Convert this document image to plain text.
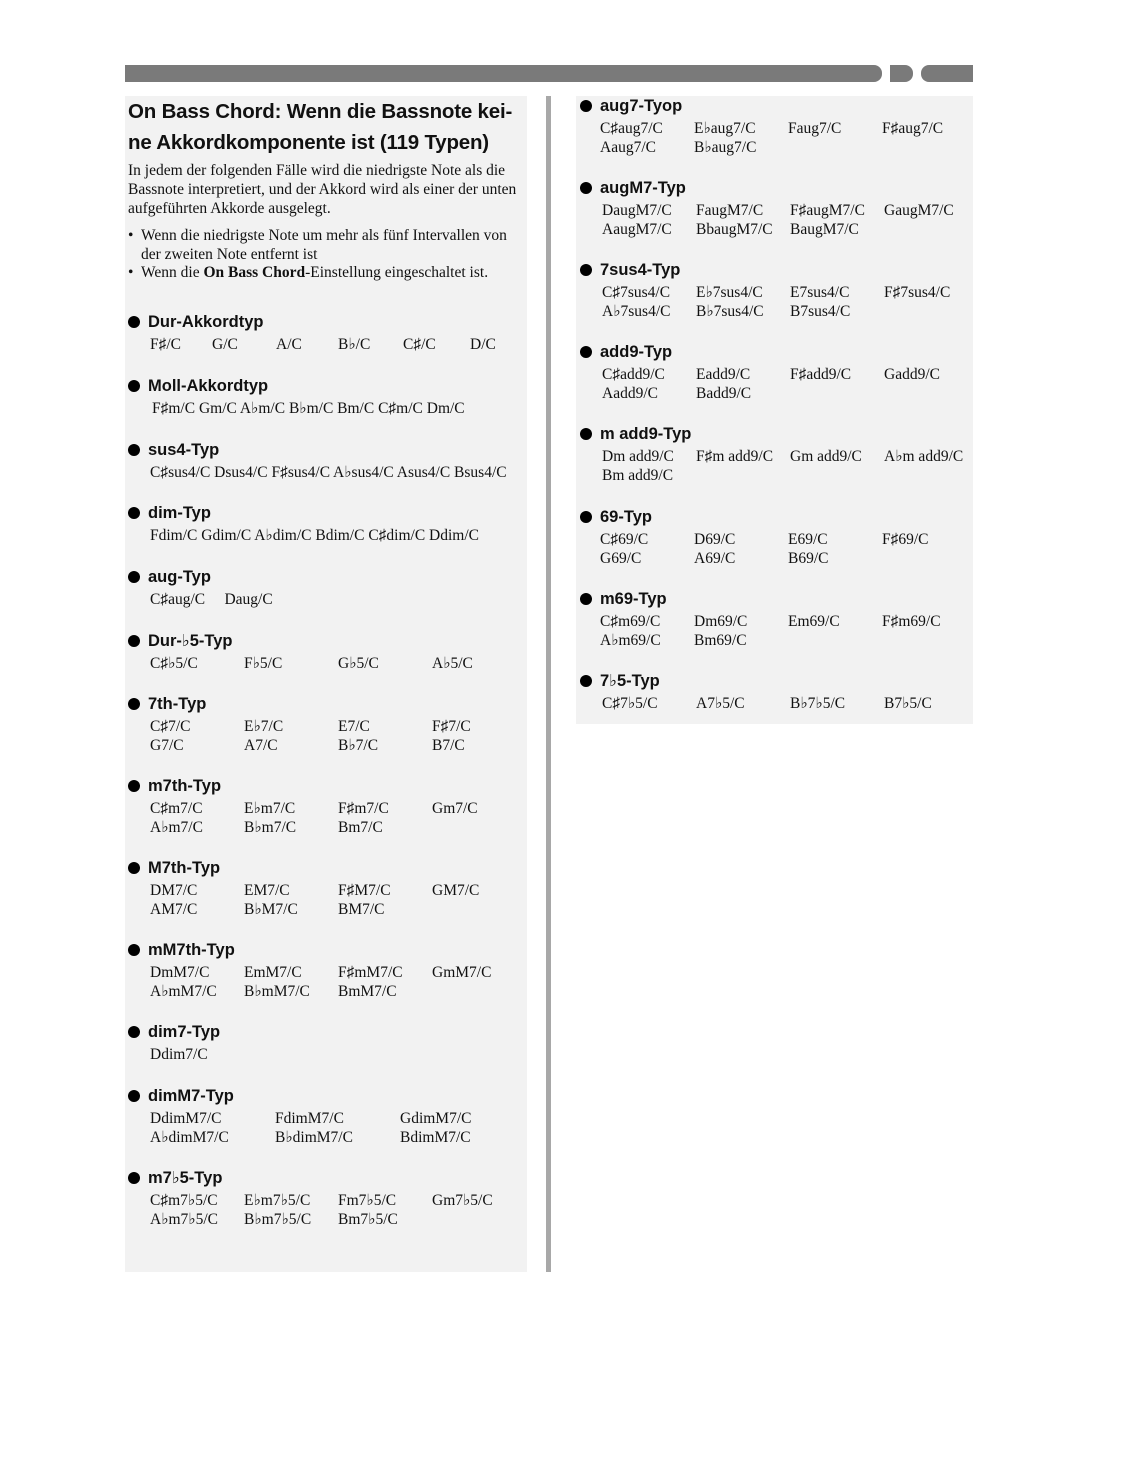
On Bass Chord: Wenn die Bassnote kei-
ne Akkordkomponente ist (119 Typen)

In jedem der folgenden Fälle wird die niedrigste Note als die Bassnote interpretiert, und der Akkord wird als einer der unten aufgeführten Akkorde ausgelegt.

• Wenn die niedrigste Note um mehr als fünf Intervallen von der zweiten Note entfernt ist
• Wenn die On Bass Chord-Einstellung eingeschaltet ist.
Dur-Akkordtyp
F♯/C	G/C	A/C	B♭/C	C♯/C	D/C
Moll-Akkordtyp
F♯m/C Gm/C A♭m/C B♭m/C Bm/C C♯m/C Dm/C
sus4-Typ
C♯sus4/C Dsus4/C F♯sus4/C A♭sus4/C Asus4/C Bsus4/C
dim-Typ
Fdim/C Gdim/C A♭dim/C Bdim/C C♯dim/C Ddim/C
aug-Typ
C♯aug/C     Daug/C
Dur-♭5-Typ
C♯♭5/C	F♭5/C	G♭5/C	A♭5/C
7th-Typ
C♯7/C	E♭7/C	E7/C	F♯7/C
G7/C	A7/C	B♭7/C	B7/C
m7th-Typ
C♯m7/C	E♭m7/C	F♯m7/C	Gm7/C
A♭m7/C	B♭m7/C	Bm7/C
M7th-Typ
DM7/C	EM7/C	F♯M7/C	GM7/C
AM7/C	B♭M7/C	BM7/C
mM7th-Typ
DmM7/C	EmM7/C	F♯mM7/C	GmM7/C
A♭mM7/C	B♭mM7/C	BmM7/C
dim7-Typ
Ddim7/C
dimM7-Typ
DdimM7/C	FdimM7/C	GdimM7/C
A♭dimM7/C	B♭dimM7/C	BdimM7/C
m7♭5-Typ
C♯m7♭5/C	E♭m7♭5/C	Fm7♭5/C	Gm7♭5/C
A♭m7♭5/C	B♭m7♭5/C	Bm7♭5/C
aug7-Tyop
C♯aug7/C	E♭aug7/C	Faug7/C	F♯aug7/C
Aaug7/C	B♭aug7/C
augM7-Typ
DaugM7/C	FaugM7/C	F♯augM7/C	GaugM7/C
AaugM7/C	BbaugM7/C	BaugM7/C
7sus4-Typ
C♯7sus4/C	E♭7sus4/C	E7sus4/C	F♯7sus4/C
A♭7sus4/C	B♭7sus4/C	B7sus4/C
add9-Typ
C♯add9/C	Eadd9/C	F♯add9/C	Gadd9/C
Aadd9/C	Badd9/C
m add9-Typ
Dm add9/C	F♯m add9/C	Gm add9/C	A♭m add9/C
Bm add9/C
69-Typ
C♯69/C	D69/C	E69/C	F♯69/C
G69/C	A69/C	B69/C
m69-Typ
C♯m69/C	Dm69/C	Em69/C	F♯m69/C
A♭m69/C	Bm69/C
7♭5-Typ
C♯7♭5/C	A7♭5/C	B♭7♭5/C	B7♭5/C
